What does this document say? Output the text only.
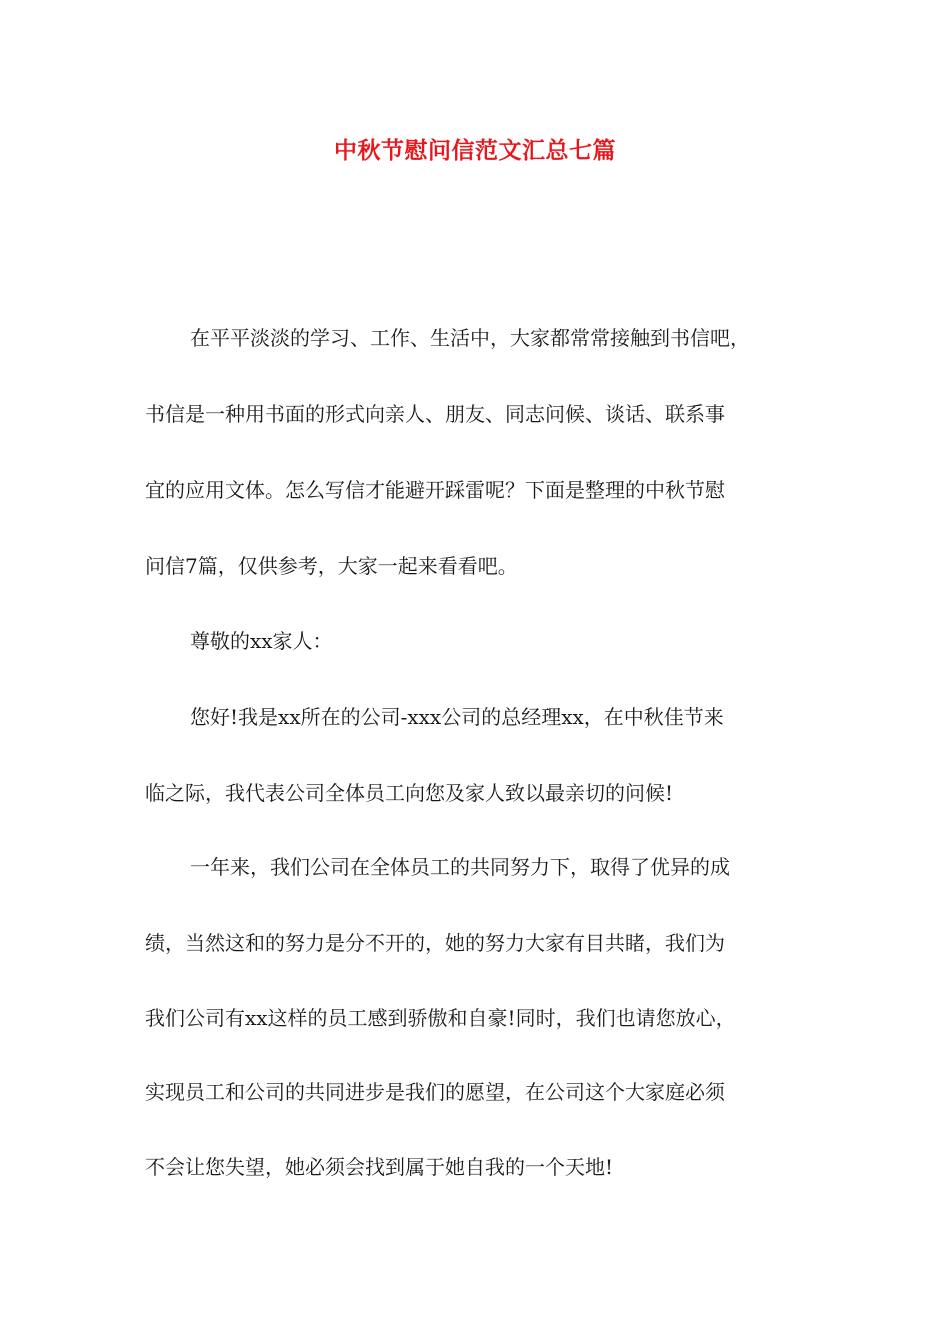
中秋节慰问信范文汇总七篇

在平平淡淡的学习、工作、生活中，大家都常常接触到书信吧，

书信是一种用书面的形式向亲人、朋友、同志问候、谈话、联系事

宜的应用文体。怎么写信才能避开踩雷呢？下面是整理的中秋节慰

问信7篇，仅供参考，大家一起来看看吧。

尊敬的xx家人：

您好!我是xx所在的公司-xxx公司的总经理xx，在中秋佳节来

临之际，我代表公司全体员工向您及家人致以最亲切的问候!

一年来，我们公司在全体员工的共同努力下，取得了优异的成

绩，当然这和的努力是分不开的，她的努力大家有目共睹，我们为

我们公司有xx这样的员工感到骄傲和自豪!同时，我们也请您放心，

实现员工和公司的共同进步是我们的愿望，在公司这个大家庭必须

不会让您失望，她必须会找到属于她自我的一个天地!
